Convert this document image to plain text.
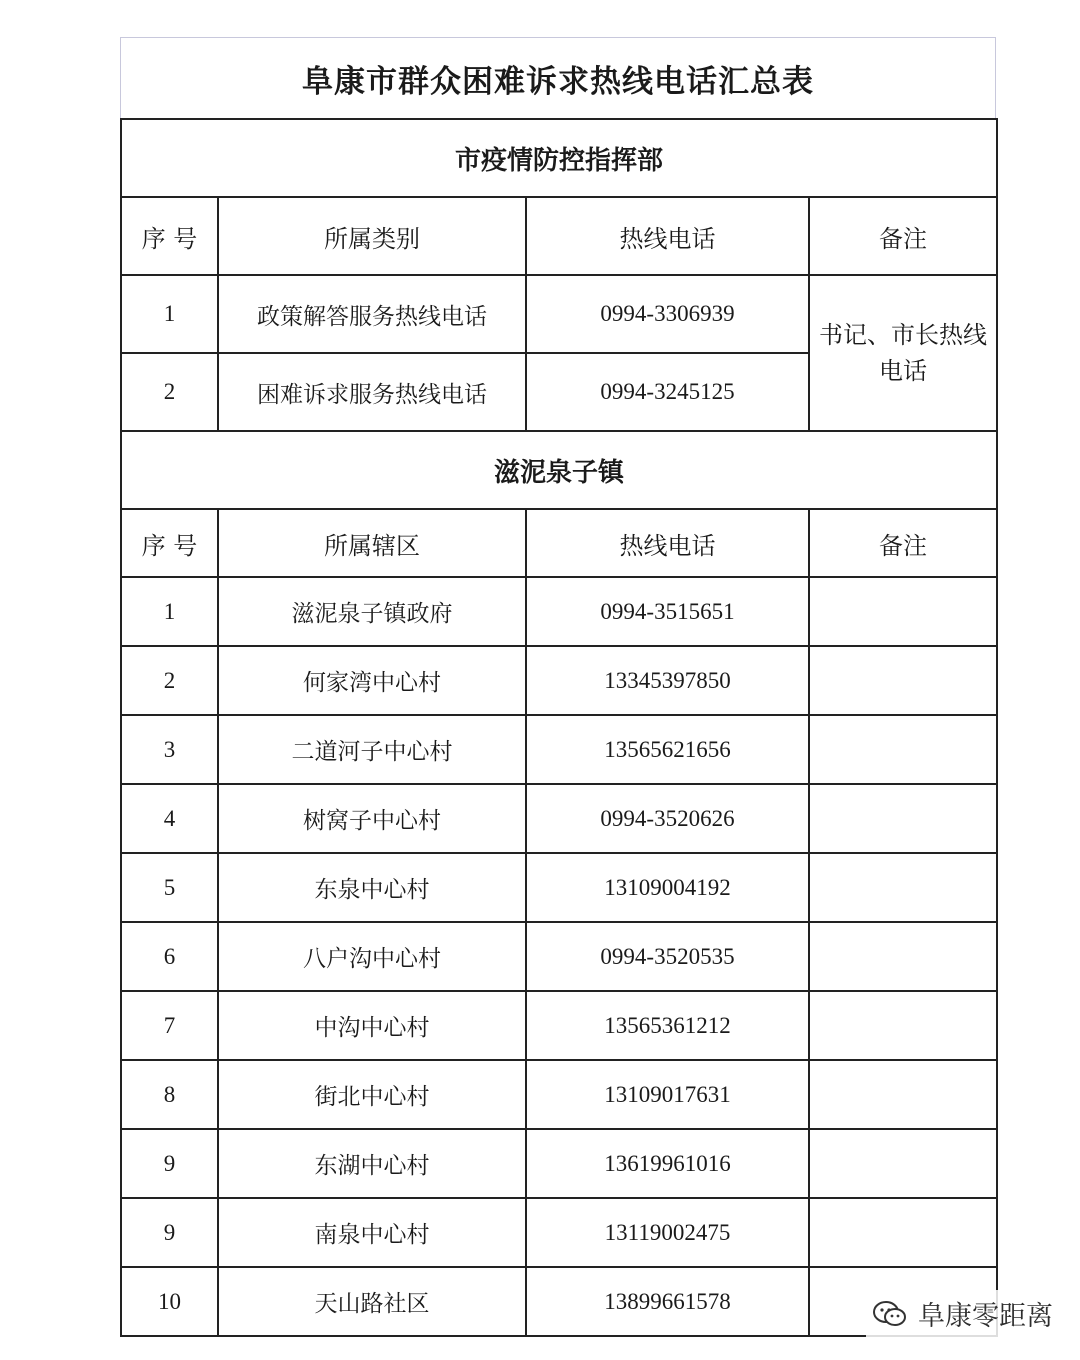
阜康市群众困难诉求热线电话汇总表
市疫情防控指挥部			
序 号	所属类别	热线电话	备注
1	政策解答服务热线电话	0994-3306939	书记、市长热线电话
2	困难诉求服务热线电话	0994-3245125	
滋泥泉子镇			
序 号	所属辖区	热线电话	备注
1	滋泥泉子镇政府	0994-3515651	
2	何家湾中心村	13345397850	
3	二道河子中心村	13565621656	
4	树窝子中心村	0994-3520626	
5	东泉中心村	13109004192	
6	八户沟中心村	0994-3520535	
7	中沟中心村	13565361212	
8	街北中心村	13109017631	
9	东湖中心村	13619961016	
9	南泉中心村	13119002475	
10	天山路社区	13899661578		阜康零距离
